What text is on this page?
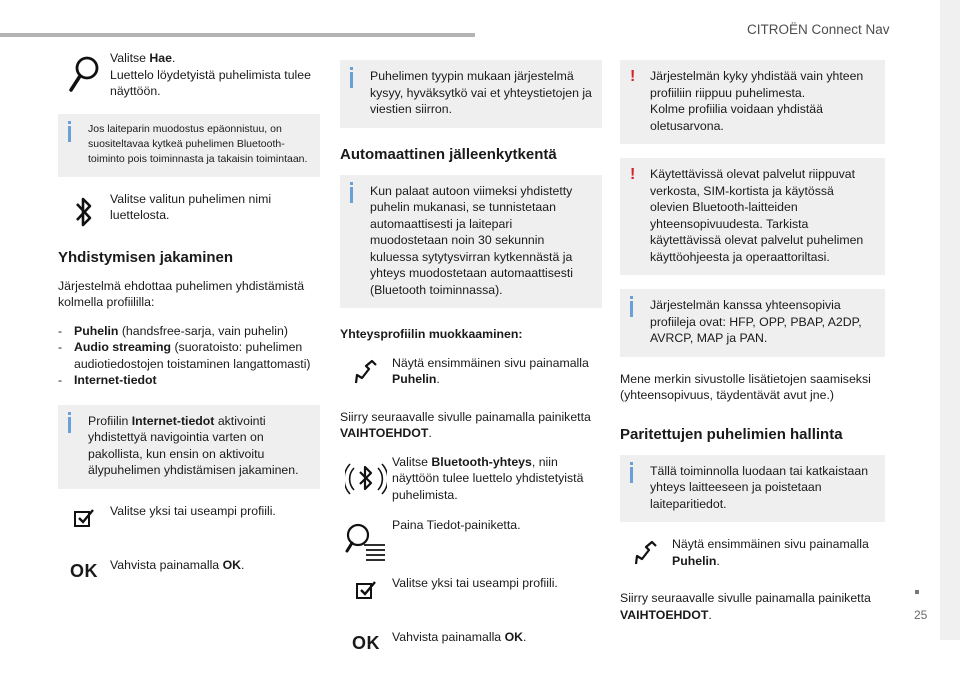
CITROËN Connect Nav
25
Valitse Hae.
Luettelo löydetyistä puhelimista tulee näyttöön.
Jos laiteparin muodostus epäonnistuu, on suositeltavaa kytkeä puhelimen Bluetooth-toiminto pois toiminnasta ja takaisin toimintaan.
Valitse valitun puhelimen nimi luettelosta.
Yhdistymisen jakaminen

Järjestelmä ehdottaa puhelimen yhdistämistä kolmella profiililla:

- Puhelin (handsfree-sarja, vain puhelin)
- Audio streaming (suoratoisto: puhelimen audiotiedostojen toistaminen langattomasti)
- Internet-tiedot
Profiilin Internet-tiedot aktivointi yhdistettyä navigointia varten on pakollista, kun ensin on aktivoitu älypuhelimen yhdistämisen jakaminen.
Valitse yksi tai useampi profiili.
OK Vahvista painamalla OK.
Puhelimen tyypin mukaan järjestelmä kysyy, hyväksytkö vai et yhteystietojen ja viestien siirron.
Automaattinen jälleenkytkentä
Kun palaat autoon viimeksi yhdistetty puhelin mukanasi, se tunnistetaan automaattisesti ja laitepari muodostetaan noin 30 sekunnin kuluessa sytytysvirran kytkennästä ja yhteys muodostetaan automaattisesti (Bluetooth toiminnassa).

Yhteysprofiilin muokkaaminen:

Näytä ensimmäinen sivu painamalla Puhelin.

Siirry seuraavalle sivulle painamalla painiketta VAIHTOEHDOT.

Valitse Bluetooth-yhteys, niin näyttöön tulee luettelo yhdistetyistä puhelimista.
Paina Tiedot-painiketta.
Valitse yksi tai useampi profiili.
OK Vahvista painamalla OK.
! Järjestelmän kyky yhdistää vain yhteen profiiliin riippuu puhelimesta.
Kolme profiilia voidaan yhdistää oletusarvona.
! Käytettävissä olevat palvelut riippuvat verkosta, SIM-kortista ja käytössä olevien Bluetooth-laitteiden yhteensopivuudesta. Tarkista käytettävissä olevat palvelut puhelimen käyttöohjeesta ja operaattoriltasi.
Järjestelmän kanssa yhteensopivia profiileja ovat: HFP, OPP, PBAP, A2DP, AVRCP, MAP ja PAN.

Mene merkin sivustolle lisätietojen saamiseksi (yhteensopivuus, täydentävät avut jne.)

Paritettujen puhelimien hallinta
Tällä toiminnolla luodaan tai katkaistaan yhteys laitteeseen ja poistetaan laiteparitiedot.
Näytä ensimmäinen sivu painamalla Puhelin.

Siirry seuraavalle sivulle painamalla painiketta VAIHTOEHDOT.
